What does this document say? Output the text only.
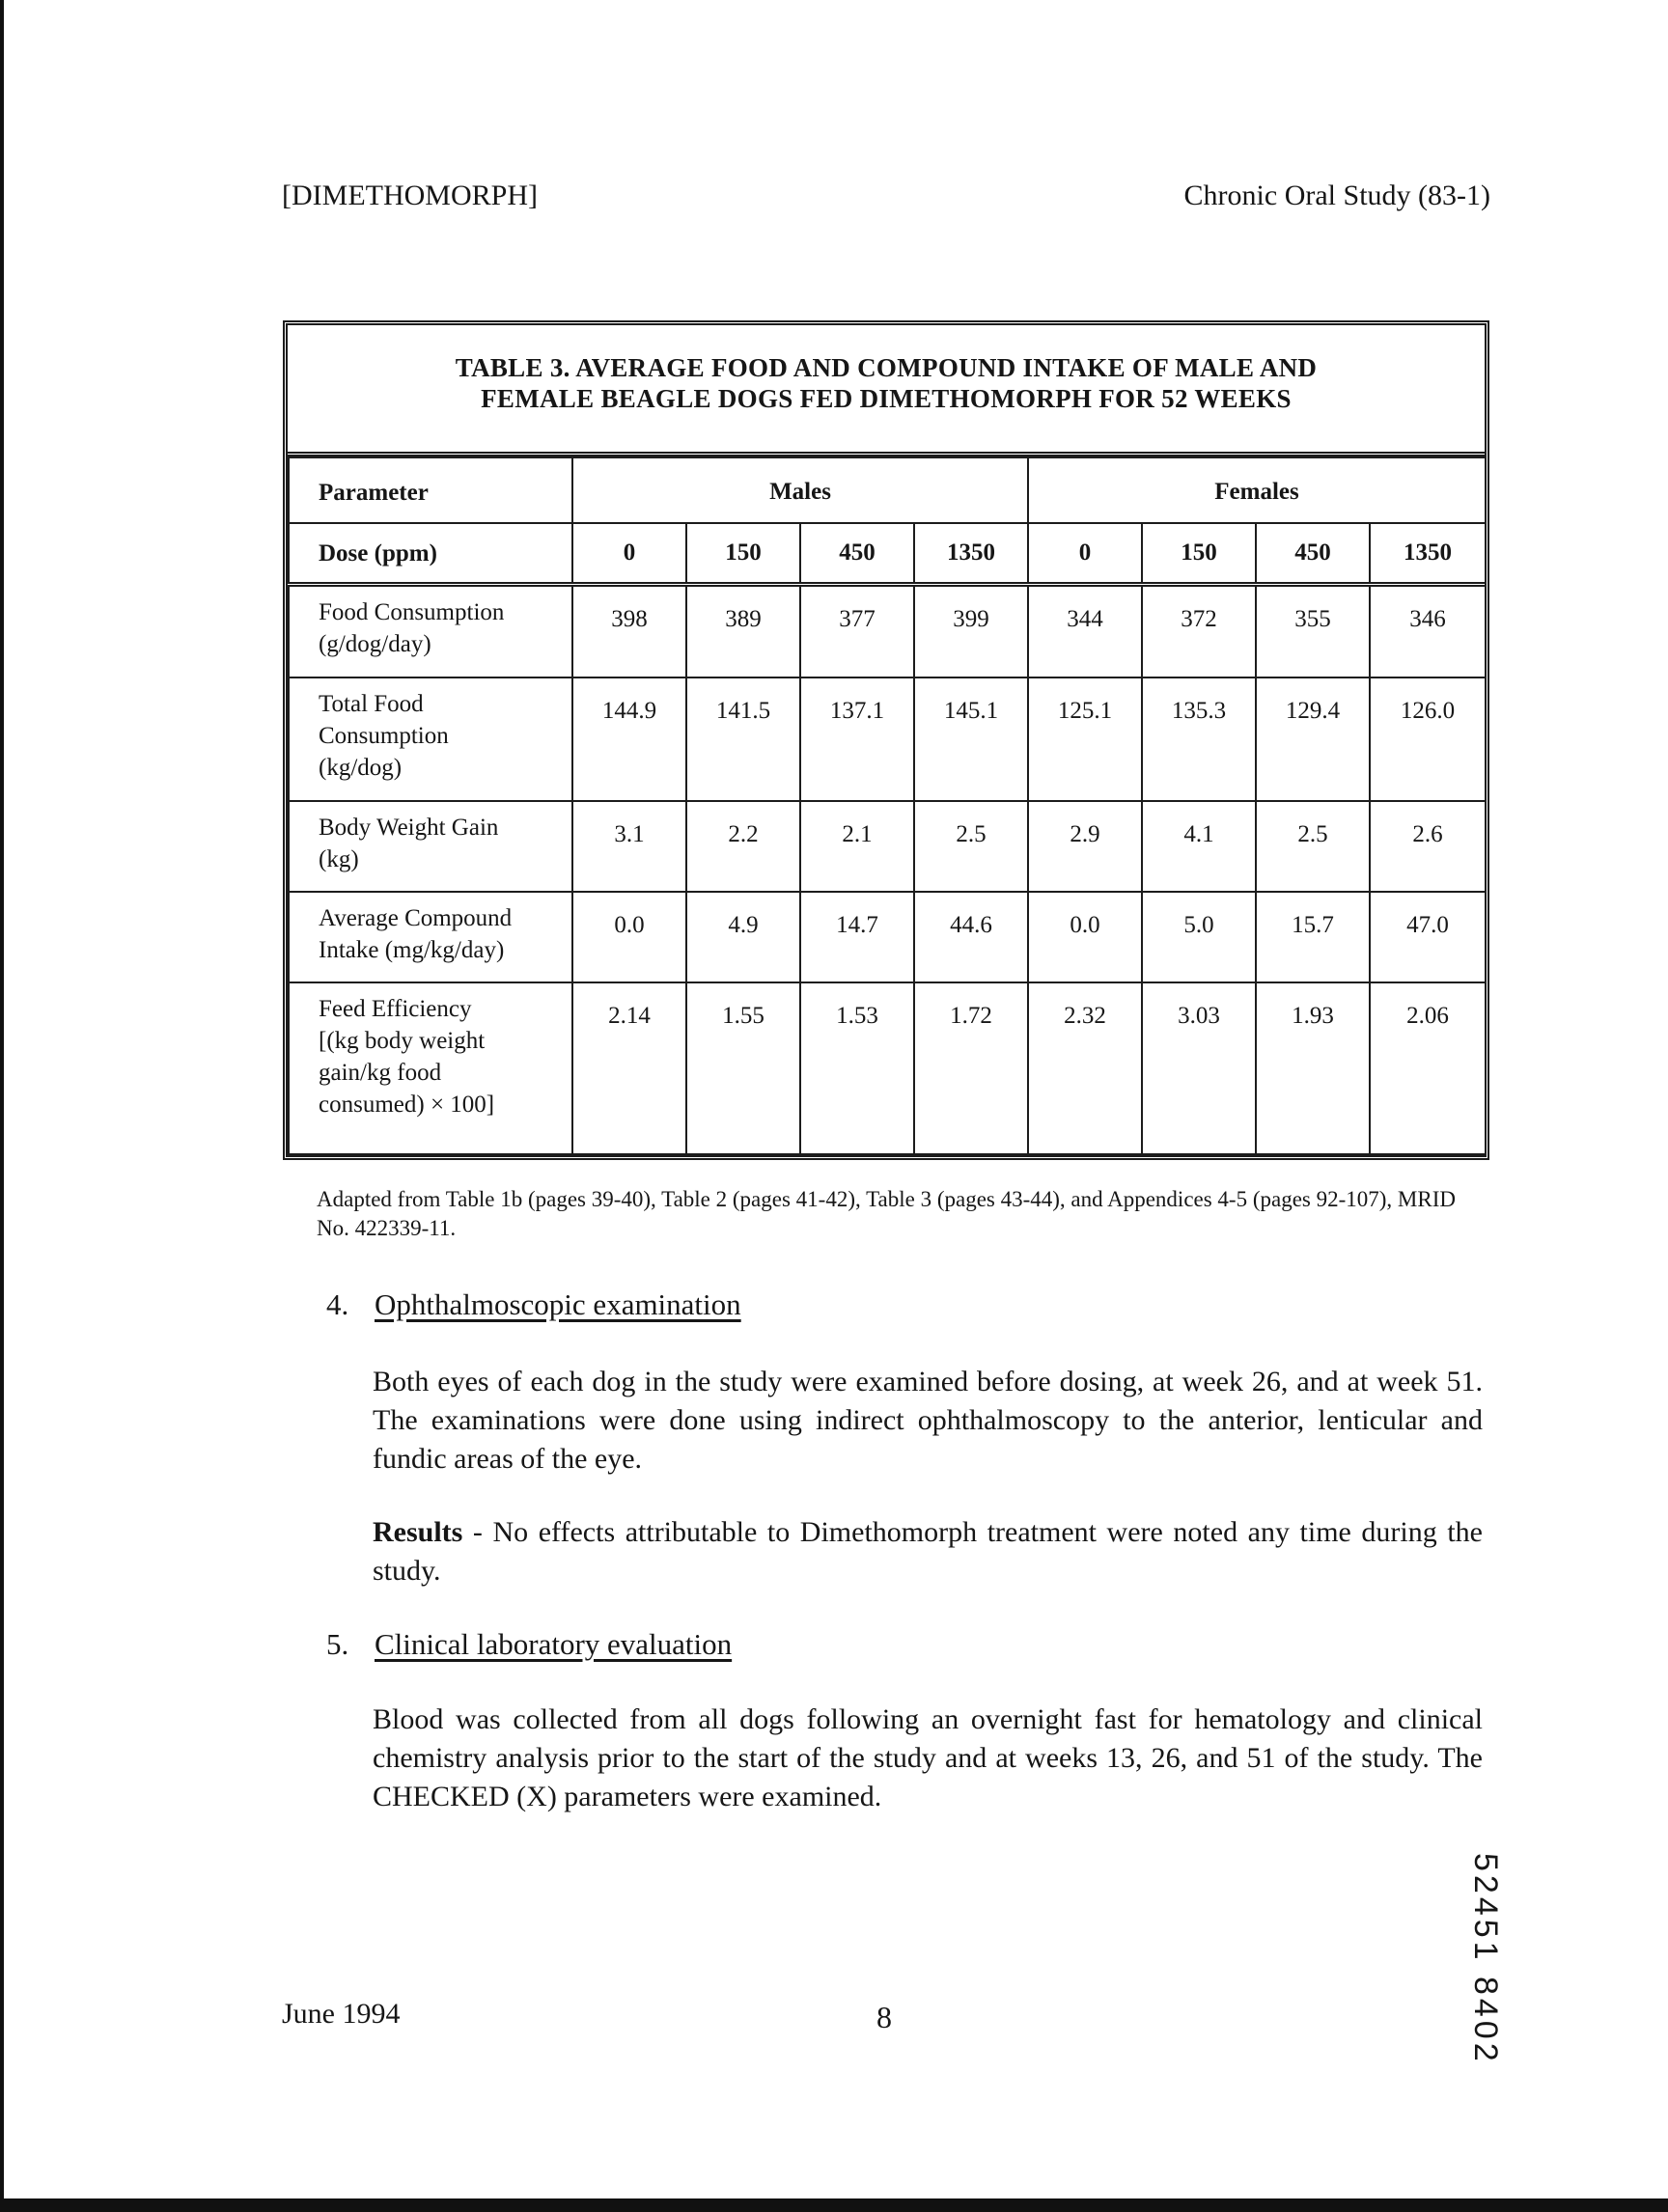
[DIMETHOMORPH]	Chronic Oral Study (83-1)
TABLE 3. AVERAGE FOOD AND COMPOUND INTAKE OF MALE AND
FEMALE BEAGLE DOGS FED DIMETHOMORPH FOR 52 WEEKS
Parameter	Males				Females			
Dose (ppm)	0	150	450	1350	0	150	450	1350

Food Consumption
(g/dog/day)	398	389	377	399	344	372	355	346

Total Food
Consumption
(kg/dog)	144.9	141.5	137.1	145.1	125.1	135.3	129.4	126.0

Body Weight Gain
(kg)	3.1	2.2	2.1	2.5	2.9	4.1	2.5	2.6

Average Compound
Intake (mg/kg/day)	0.0	4.9	14.7	44.6	0.0	5.0	15.7	47.0

Feed Efficiency
[(kg body weight
gain/kg food
consumed) × 100]	2.14	1.55	1.53	1.72	2.32	3.03	1.93	2.06
Adapted from Table 1b (pages 39-40), Table 2 (pages 41-42), Table 3 (pages 43-44), and Appendices 4-5 (pages 92-107), MRID No. 422339-11.
4. Ophthalmoscopic examination
Both eyes of each dog in the study were examined before dosing, at week 26, and at week 51. The examinations were done using indirect ophthalmoscopy to the anterior, lenticular and fundic areas of the eye.
Results - No effects attributable to Dimethomorph treatment were noted any time during the study.
5. Clinical laboratory evaluation
Blood was collected from all dogs following an overnight fast for hematology and clinical chemistry analysis prior to the start of the study and at weeks 13, 26, and 51 of the study. The CHECKED (X) parameters were examined.
June 1994	8	52451 8402
